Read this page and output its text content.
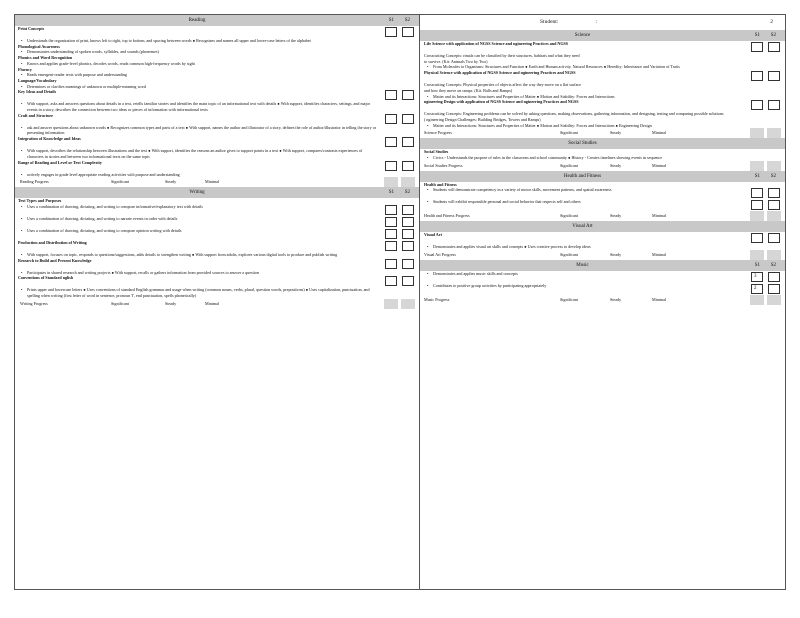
Reading	S1 S2
Print Concepts
• Understands the organization of print, knows left to right, top to bottom, and spacing between words ● Recognizes and names all upper and lower-case letters of the alphabet
Phonological Awareness
• Demonstrates understanding of spoken words, syllables, and sounds (phonemes)
Phonics and Word Recognition
• Knows and applies grade-level phonics, decodes words, reads common high-frequency words by sight
Fluency
• Reads emergent-reader texts with purpose and understanding
Language/Vocabulary
• Determines or clarifies meanings of unknown or multiple-meaning word
Key Ideas and Details
• With support, asks and answers questions about details in a text, retells familiar stories and identifies the main topic of an informational text with details ● With support, identifies characters, settings, and major events in a story, describes the connection between two ideas or pieces of information with informational texts
Craft and Structure
• ask and answer questions about unknown words ● Recognizes common types and parts of a text ● With support, names the author and illustrator of a story, defines the role of author/illustrator in telling the story or presenting information
Integration of Knowledge and Ideas
• With support, describes the relationship between illustrations and the text ● With support, identifies the reasons an author gives to support points in a text ● With support, compares/contrasts experiences of characters in stories and between two informational texts on the same topic
Range of Reading and Level or Text Complexity
• actively engages in grade level appropriate reading activities with purpose and understanding
Reading Progress	Significant	Steady	Minimal
Writing	S1 S2
Text Types and Purposes
• Uses a combination of drawing, dictating, and writing to compose informative/explanatory text with details
• Uses a combination of drawing, dictating, and writing to narrate events in order with details
• Uses a combination of drawing, dictating, and writing to compose opinion writing with details
Production and Distribution of Writing
• With support, focuses on topic, responds to questions/suggestions, adds details to strengthen writing ● With support from adults, explores various digital tools to produce and publish writing
Research to Build and Present Knowledge
• Participates in shared research and writing projects ● With support, recalls or gathers information from provided sources to answer a question
Conventions of Standard nglish
• Prints upper and lowercase letters ● Uses conventions of standard English grammar and usage when writing (common nouns, verbs, plural, question words, prepositions) ● Uses capitalization, punctuation, and spelling when writing (first letter of word in sentence, pronoun 'I', end punctuation, spells phonetically)
Writing Progress	Significant	Steady	Minimal
Student:	:	2
Science	S1 S2
Life Science with application of NGSS Science and ngineering Practices and NGSS
Crosscutting Concepts: rimals can be classified by their structures, habitats and what they need
to survive. (Kit: Animals Two by Two)
• From Molecules to Organisms: Structures and Function ● Earth and Human activity, Natural Resources ● Heredity: Inheritance and Variation of Traits
Physical Science with application of NGSS Science and ngineering Practices and NGSS
Crosscutting Concepts: Physical properties of objects affect the way they move on a flat surface
and how they move on ramps. (Kit: Balls and Ramps)
• Matter and its Interactions: Structures and Properties of Matter ● Motion and Stability: Forces and Interactions
ngineering Design with application of NGSS Science and ngineering Practices and NGSS
Crosscutting Concepts: Engineering problems can be solved by asking questions, making observations, gathering information, and designing, testing and comparing possible solutions
( ngineering Design Challenges: Building Bridges, Towers and Ramps)
• Matter and its Interactions: Structures and Properties of Matter ● Motion and Stability: Forces and Interactions ● Engineering Design
Science Progress	Significant	Steady	Minimal
Social Studies
Social Studies
• Civics - Understands the purpose of rules in the classroom and school community ● History - Creates timelines showing events in sequence
Social Studies Progress	Significant	Steady	Minimal
Health and Fitness	S1 S2
Health and Fitness
• Students will demonstrate competency in a variety of motor skills, movement patterns, and spatial awareness
• Students will exhibit responsible personal and social behavior that respects self and others
Health and Fitness Progress	Significant	Steady	Minimal
Visual Art
Visual Art
• Demonstrates and applies visual art skills and concepts ● Uses creative process to develop ideas
Visual Art Progress	Significant	Steady	Minimal
Music	S1 S2
• Demonstrates and applies music skills and concepts
3
• Contributes to positive group activities by participating appropriately
2
Music Progress	Significant	Steady	Minimal
